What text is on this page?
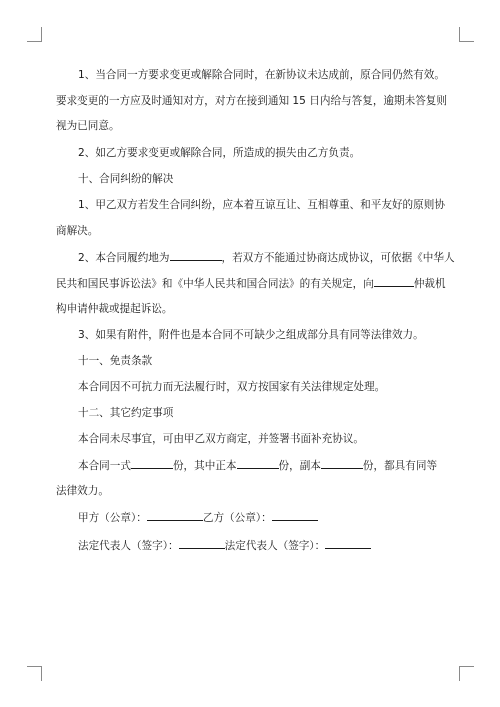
1、当合同一方要求变更或解除合同时，在新协议未达成前，原合同仍然有效。
要求变更的一方应及时通知对方，对方在接到通知 15 日内给与答复，逾期未答复则
视为已同意。
2、如乙方要求变更或解除合同，所造成的损失由乙方负责。
十、合同纠纷的解决
1、甲乙双方若发生合同纠纷，应本着互谅互让、互相尊重、和平友好的原则协
商解决。
2、本合同履约地为	，若双方不能通过协商达成协议，可依据《中华人
民共和国民事诉讼法》和《中华人民共和国合同法》的有关规定，向	仲裁机
构申请仲裁或提起诉讼。
3、如果有附件，附件也是本合同不可缺少之组成部分具有同等法律效力。
十一、免责条款
本合同因不可抗力而无法履行时，双方按国家有关法律规定处理。
十二、其它约定事项
本合同未尽事宜，可由甲乙双方商定，并签署书面补充协议。
本合同一式	份，其中正本	份，副本	份，都具有同等
法律效力。
甲方（公章）：	乙方（公章）：
法定代表人（签字）：	法定代表人（签字）：
